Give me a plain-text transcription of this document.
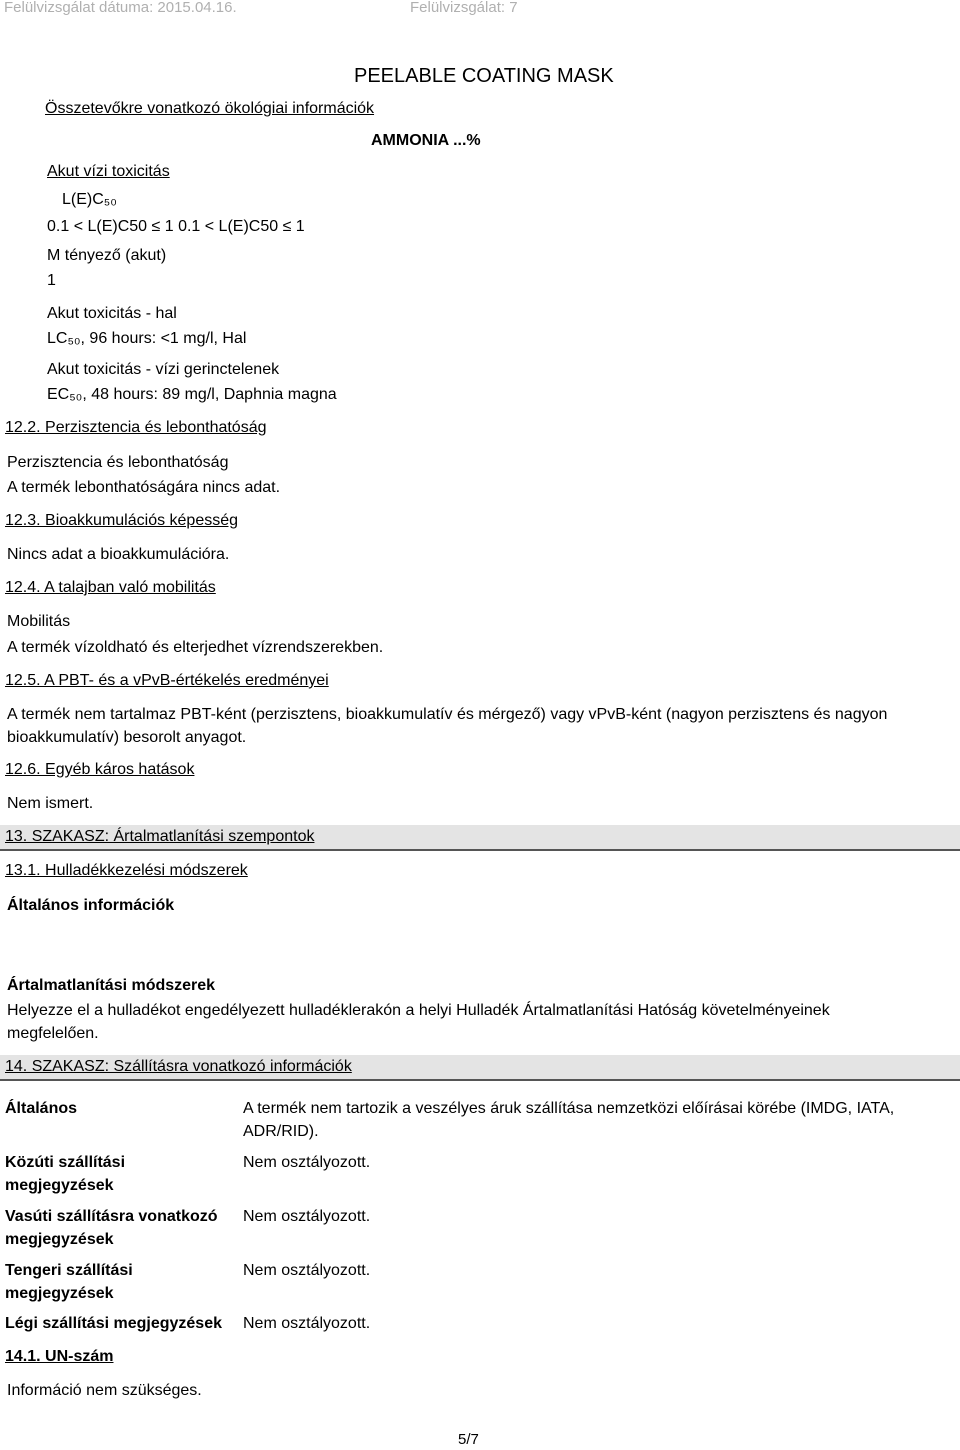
Felülvizsgálat dátuma: 2015.04.16.	Felülvizsgálat: 7
PEELABLE COATING MASK
Összetevőkre vonatkozó ökológiai információk
AMMONIA ...%
Akut vízi toxicitás
L(E)C₅₀
0.1 < L(E)C50 ≤ 1 0.1 < L(E)C50 ≤ 1
M tényező (akut)
1
Akut toxicitás - hal
LC₅₀, 96 hours: <1 mg/l, Hal
Akut toxicitás - vízi gerinctelenek
EC₅₀, 48 hours: 89 mg/l, Daphnia magna
12.2. Perzisztencia és lebonthatóság
Perzisztencia és lebonthatóság
A termék lebonthatóságára nincs adat.
12.3. Bioakkumulációs képesség
Nincs adat a bioakkumulációra.
12.4. A talajban való mobilitás
Mobilitás
A termék vízoldható és elterjedhet vízrendszerekben.
12.5. A PBT- és a vPvB-értékelés eredményei
A termék nem tartalmaz PBT-ként (perzisztens, bioakkumulatív és mérgező) vagy vPvB-ként (nagyon perzisztens és nagyon bioakkumulatív) besorolt anyagot.
12.6. Egyéb káros hatások
Nem ismert.
13. SZAKASZ: Ártalmatlanítási szempontok
13.1. Hulladékkezelési módszerek
Általános információk
Ártalmatlanítási módszerek
Helyezze el a hulladékot engedélyezett hulladéklerakón a helyi Hulladék Ártalmatlanítási Hatóság követelményeinek megfelelően.
14. SZAKASZ: Szállításra vonatkozó információk
Általános	A termék nem tartozik a veszélyes áruk szállítása nemzetközi előírásai körébe (IMDG, IATA, ADR/RID).
Közúti szállítási megjegyzések
Nem osztályozott.
Vasúti szállításra vonatkozó megjegyzések
Nem osztályozott.
Tengeri szállítási megjegyzések
Nem osztályozott.
Légi szállítási megjegyzések Nem osztályozott.
14.1. UN-szám
Információ nem szükséges.
5/7
